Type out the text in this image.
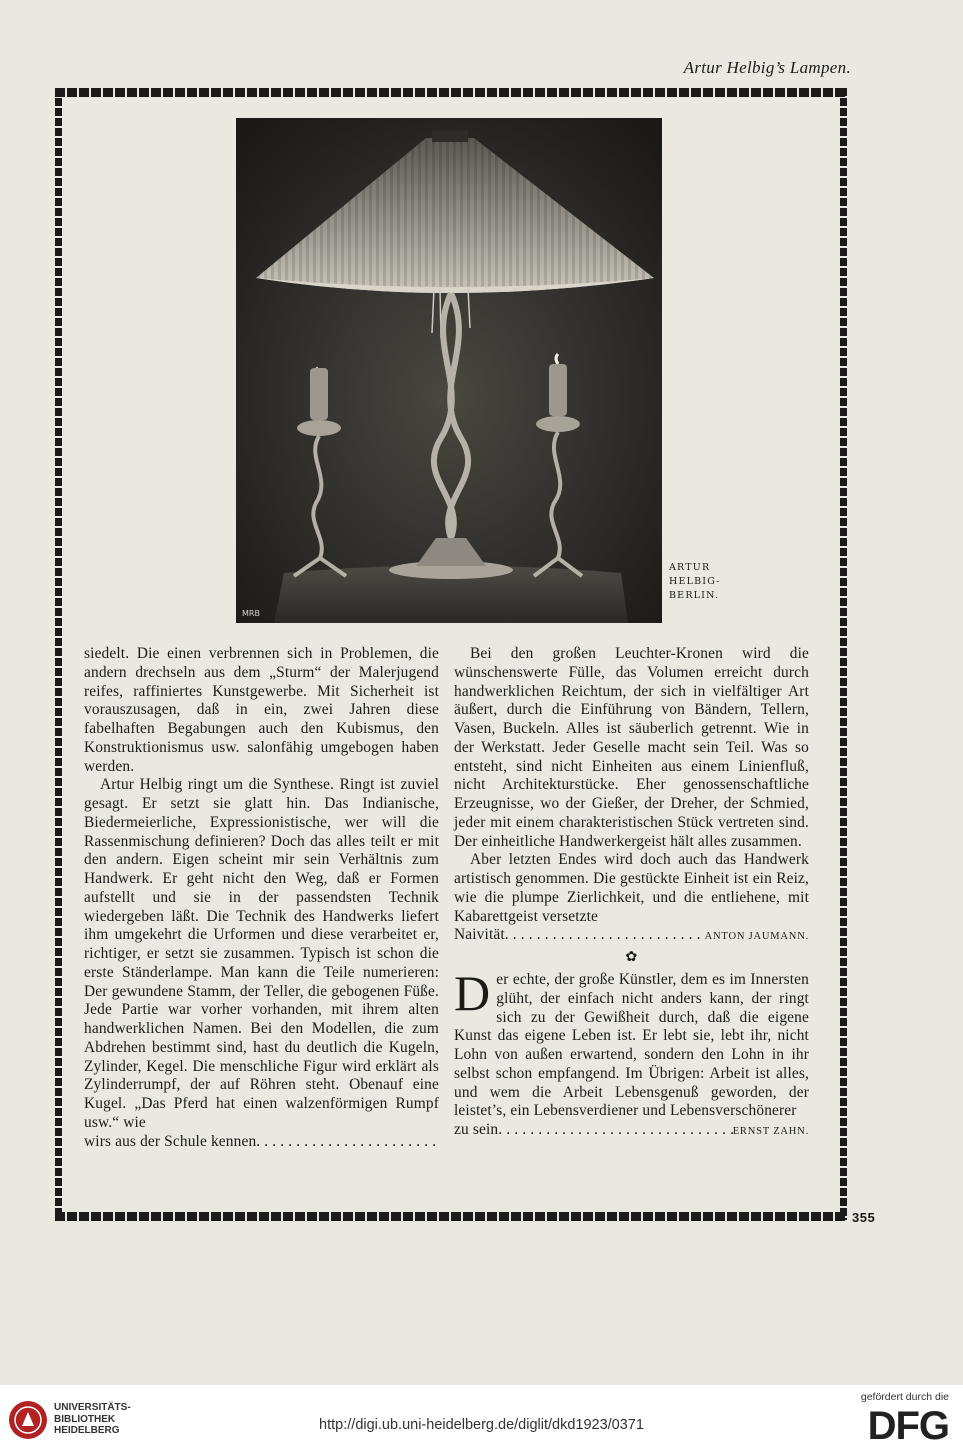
Artur Helbig’s Lampen.
MRB
ARTUR
HELBIG-
BERLIN.

siedelt. Die einen verbrennen sich in Problemen, die andern drechseln aus dem „Sturm“ der Malerjugend reifes, raffiniertes Kunstgewerbe. Mit Sicherheit ist vorauszusagen, daß in ein, zwei Jahren diese fabelhaften Begabungen auch den Kubismus, den Konstruktionismus usw. salonfähig umgebogen haben werden.

Artur Helbig ringt um die Synthese. Ringt ist zuviel gesagt. Er setzt sie glatt hin. Das Indianische, Biedermeierliche, Expressionistische, wer will die Rassenmischung definieren? Doch das alles teilt er mit den andern. Eigen scheint mir sein Verhältnis zum Handwerk. Er geht nicht den Weg, daß er Formen aufstellt und sie in der passendsten Technik wiedergeben läßt. Die Technik des Handwerks liefert ihm umgekehrt die Urformen und diese verarbeitet er, richtiger, er setzt sie zusammen. Typisch ist schon die erste Ständerlampe. Man kann die Teile numerieren: Der gewundene Stamm, der Teller, die gebogenen Füße. Jede Partie war vorher vorhanden, mit ihrem alten handwerklichen Namen. Bei den Modellen, die zum Abdrehen bestimmt sind, hast du deutlich die Kugeln, Zylinder, Kegel. Die menschliche Figur wird erklärt als Zylinderrumpf, der auf Röhren steht. Obenauf eine Kugel. „Das Pferd hat einen walzenförmigen Rumpf usw.“ wie

wirs aus der Schule kennen. . . .

Bei den großen Leuchter-Kronen wird die wünschenswerte Fülle, das Volumen erreicht durch handwerklichen Reichtum, der sich in vielfältiger Art äußert, durch die Einführung von Bändern, Tellern, Vasen, Buckeln. Alles ist säuberlich getrennt. Wie in der Werkstatt. Jeder Geselle macht sein Teil. Was so entsteht, sind nicht Einheiten aus einem Linienfluß, nicht Architekturstücke. Eher genossenschaftliche Erzeugnisse, wo der Gießer, der Dreher, der Schmied, jeder mit einem charakteristischen Stück vertreten sind. Der einheitliche Handwerkergeist hält alles zusammen.

Aber letzten Endes wird doch auch das Handwerk artistisch genommen. Die gestückte Einheit ist ein Reiz, wie die plumpe Zierlichkeit, und die entliehene, mit Kabarettgeist versetzte

Naivität. . . .	ANTON JAUMANN.
✿

Der echte, der große Künstler, dem es im Innersten glüht, der einfach nicht anders kann, der ringt sich zu der Gewißheit durch, daß die eigene Kunst das eigene Leben ist. Er lebt sie, lebt ihr, nicht Lohn von außen erwartend, sondern den Lohn in ihr selbst schon empfangend. Im Übrigen: Arbeit ist alles, und wem die Arbeit Lebensgenuß geworden, der leistet’s, ein Lebensverdiener und Lebensverschönerer

zu sein. . . .	ERNST ZAHN.
355
UNIVERSITÄTS-
BIBLIOTHEK
HEIDELBERG	http://digi.ub.uni-heidelberg.de/diglit/dkd1923/0371
gefördert durch die
DFG
